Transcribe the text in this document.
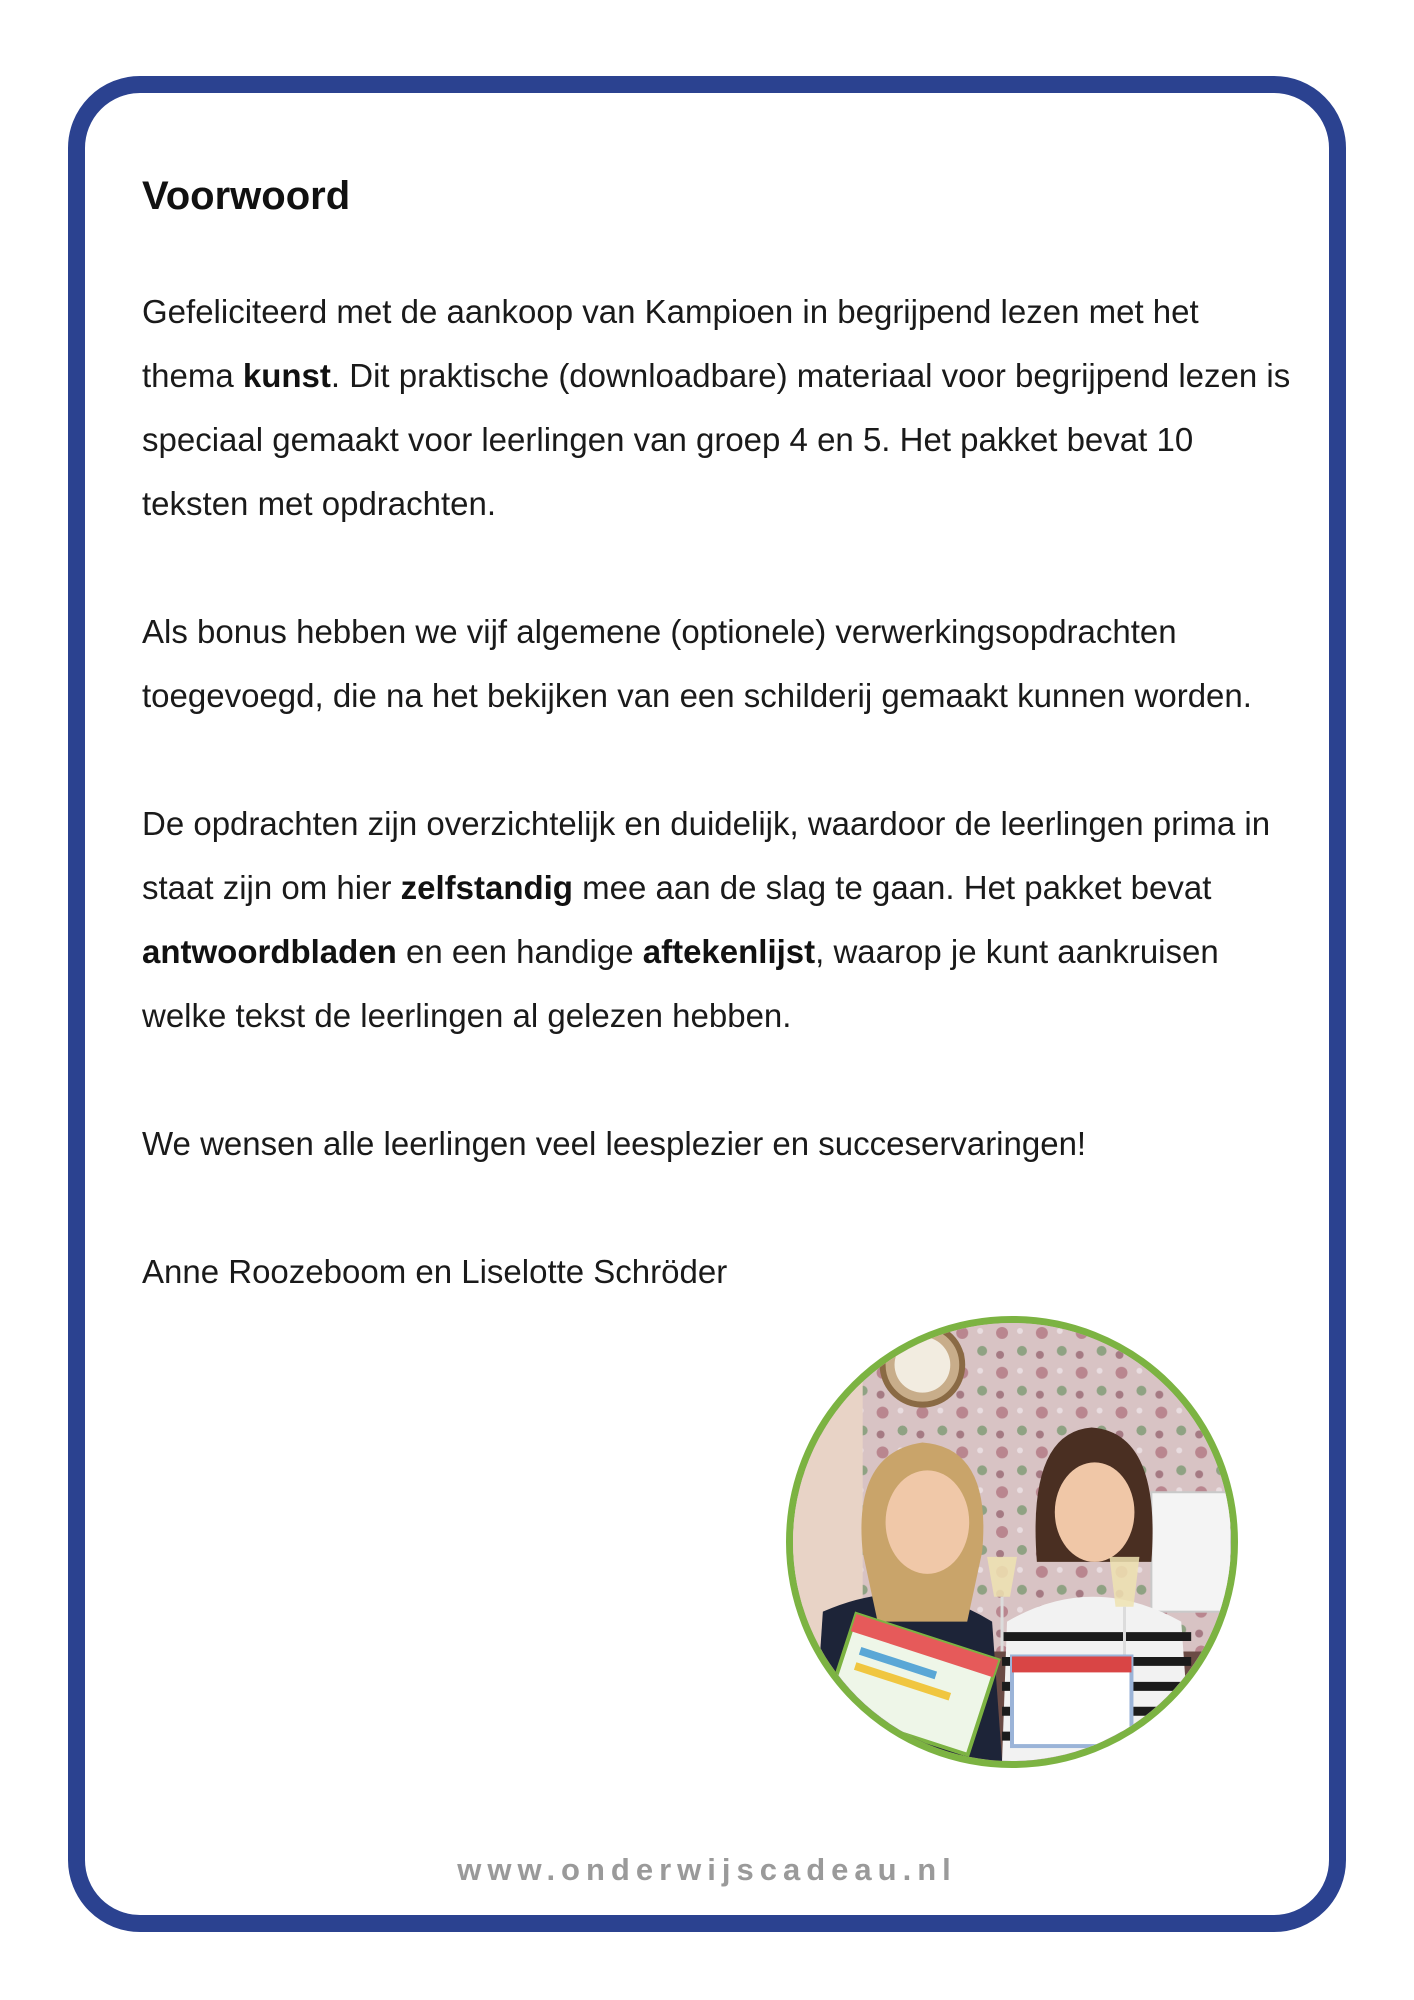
Voorwoord

Gefeliciteerd met de aankoop van Kampioen in begrijpend lezen met het thema kunst. Dit praktische (downloadbare) materiaal voor begrijpend lezen is speciaal gemaakt voor leerlingen van groep 4 en 5. Het pakket bevat 10 teksten met opdrachten.

Als bonus hebben we vijf algemene (optionele) verwerkingsopdrachten toegevoegd, die na het bekijken van een schilderij gemaakt kunnen worden.

De opdrachten zijn overzichtelijk en duidelijk, waardoor de leerlingen prima in staat zijn om hier zelfstandig mee aan de slag te gaan. Het pakket bevat antwoordbladen en een handige aftekenlijst, waarop je kunt aankruisen welke tekst de leerlingen al gelezen hebben.

We wensen alle leerlingen veel leesplezier en succeservaringen!

Anne Roozeboom en Liselotte Schröder

www.onderwijscadeau.nl
